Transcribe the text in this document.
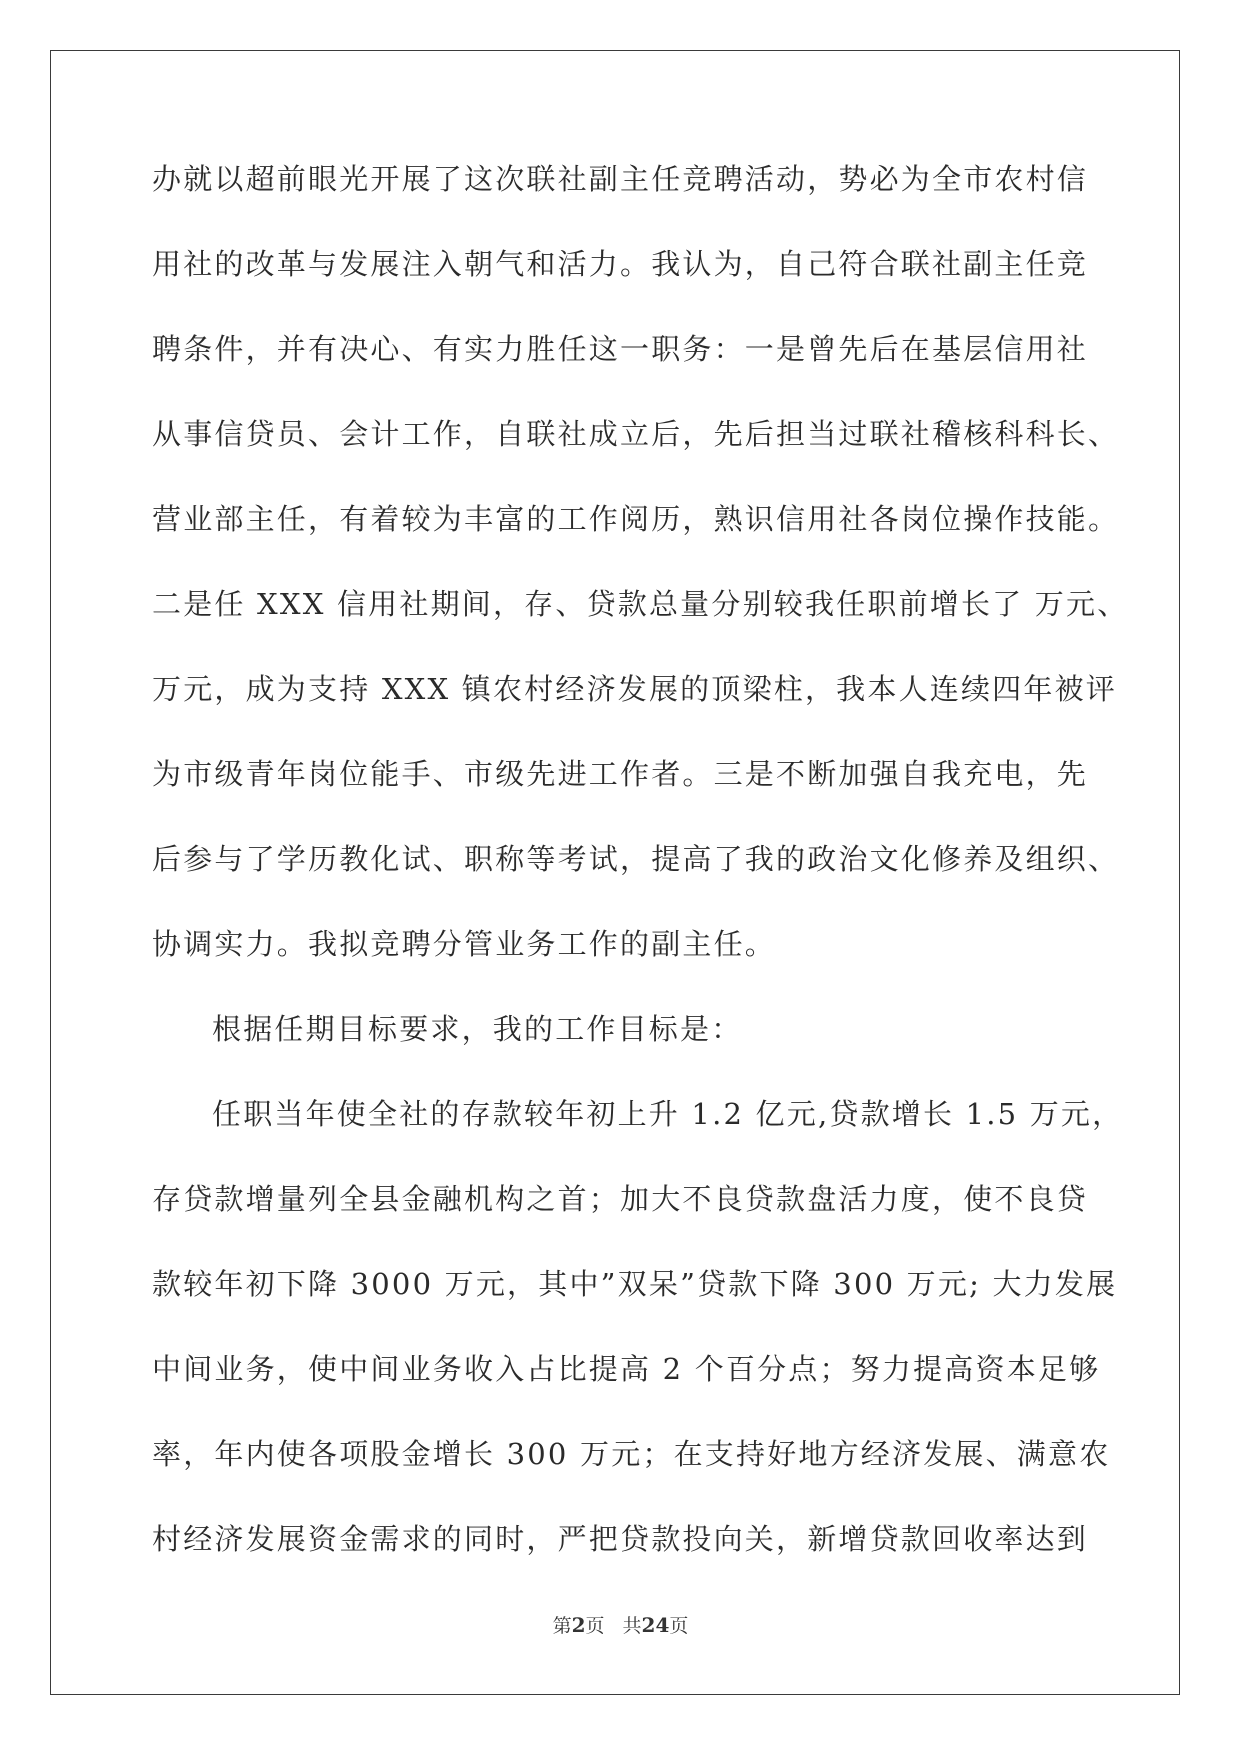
办就以超前眼光开展了这次联社副主任竞聘活动，势必为全市农村信
用社的改革与发展注入朝气和活力。我认为，自己符合联社副主任竞
聘条件，并有决心、有实力胜任这一职务：一是曾先后在基层信用社
从事信贷员、会计工作，自联社成立后，先后担当过联社稽核科科长、
营业部主任，有着较为丰富的工作阅历，熟识信用社各岗位操作技能。
二是任 XXX 信用社期间，存、贷款总量分别较我任职前增长了 万元、
万元，成为支持 XXX 镇农村经济发展的顶梁柱，我本人连续四年被评
为市级青年岗位能手、市级先进工作者。三是不断加强自我充电，先
后参与了学历教化试、职称等考试，提高了我的政治文化修养及组织、
协调实力。我拟竞聘分管业务工作的副主任。
根据任期目标要求，我的工作目标是：
任职当年使全社的存款较年初上升 1.2 亿元,贷款增长 1.5 万元，
存贷款增量列全县金融机构之首；加大不良贷款盘活力度，使不良贷
款较年初下降 3000 万元，其中”双呆”贷款下降 300 万元; 大力发展
中间业务，使中间业务收入占比提高 2 个百分点；努力提高资本足够
率，年内使各项股金增长 300 万元；在支持好地方经济发展、满意农
村经济发展资金需求的同时，严把贷款投向关，新增贷款回收率达到
第2页 共24页
